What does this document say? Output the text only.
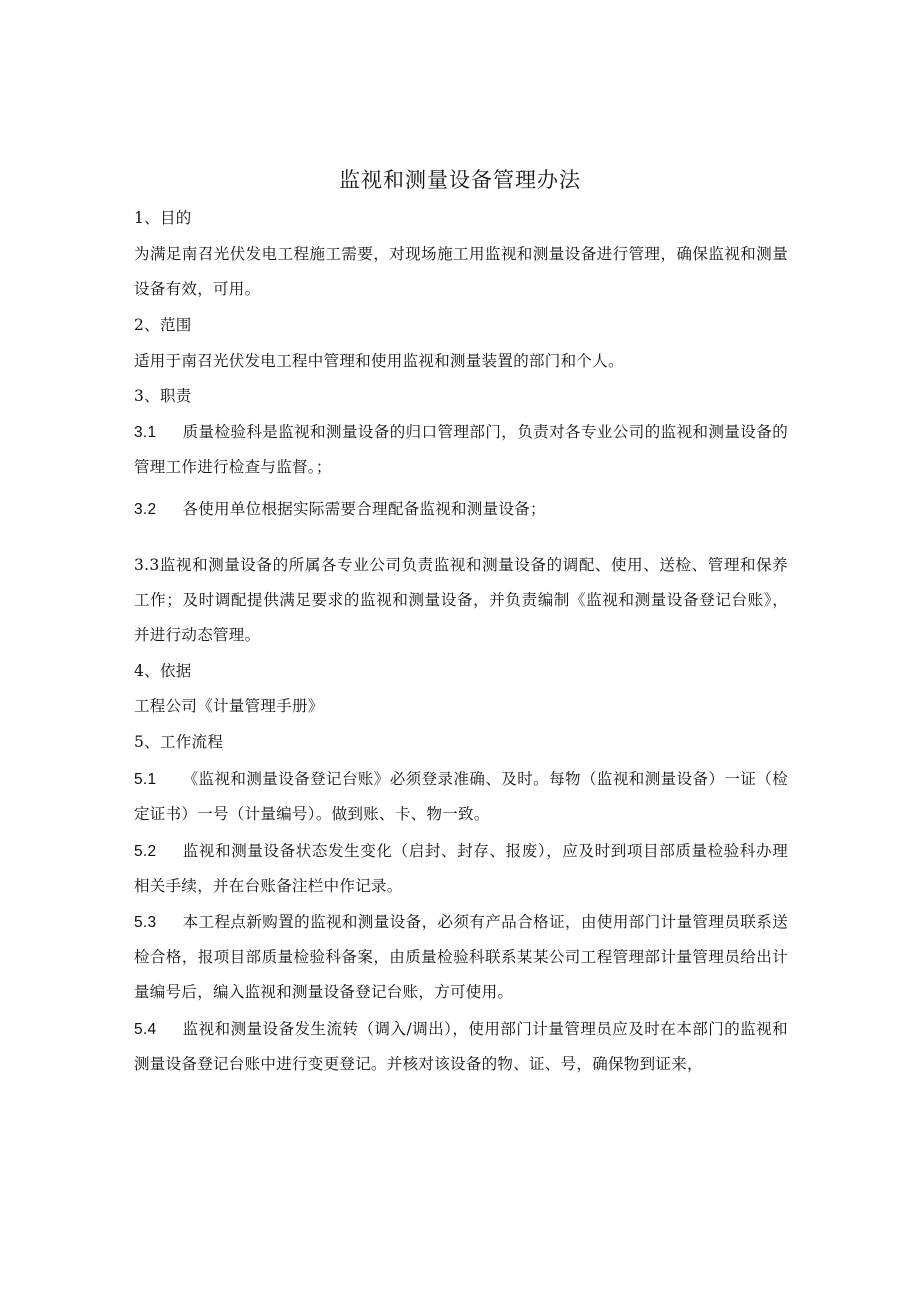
监视和测量设备管理办法
1、目的
为满足南召光伏发电工程施工需要，对现场施工用监视和测量设备进行管理，确保监视和测量设备有效，可用。
2、范围
适用于南召光伏发电工程中管理和使用监视和测量装置的部门和个人。
3、职责
3.1 质量检验科是监视和测量设备的归口管理部门，负责对各专业公司的监视和测量设备的管理工作进行检查与监督。；
3.2 各使用单位根据实际需要合理配备监视和测量设备；
3.3监视和测量设备的所属各专业公司负责监视和测量设备的调配、使用、送检、管理和保养工作；及时调配提供满足要求的监视和测量设备，并负责编制《监视和测量设备登记台账》，并进行动态管理。
4、依据
工程公司《计量管理手册》
5、工作流程
5.1 《监视和测量设备登记台账》必须登录准确、及时。每物（监视和测量设备）一证（检定证书）一号（计量编号）。做到账、卡、物一致。
5.2 监视和测量设备状态发生变化（启封、封存、报废），应及时到项目部质量检验科办理相关手续，并在台账备注栏中作记录。
5.3 本工程点新购置的监视和测量设备，必须有产品合格证，由使用部门计量管理员联系送检合格，报项目部质量检验科备案，由质量检验科联系某某公司工程管理部计量管理员给出计量编号后，编入监视和测量设备登记台账，方可使用。
5.4 监视和测量设备发生流转（调入/调出），使用部门计量管理员应及时在本部门的监视和测量设备登记台账中进行变更登记。并核对该设备的物、证、号，确保物到证来，
